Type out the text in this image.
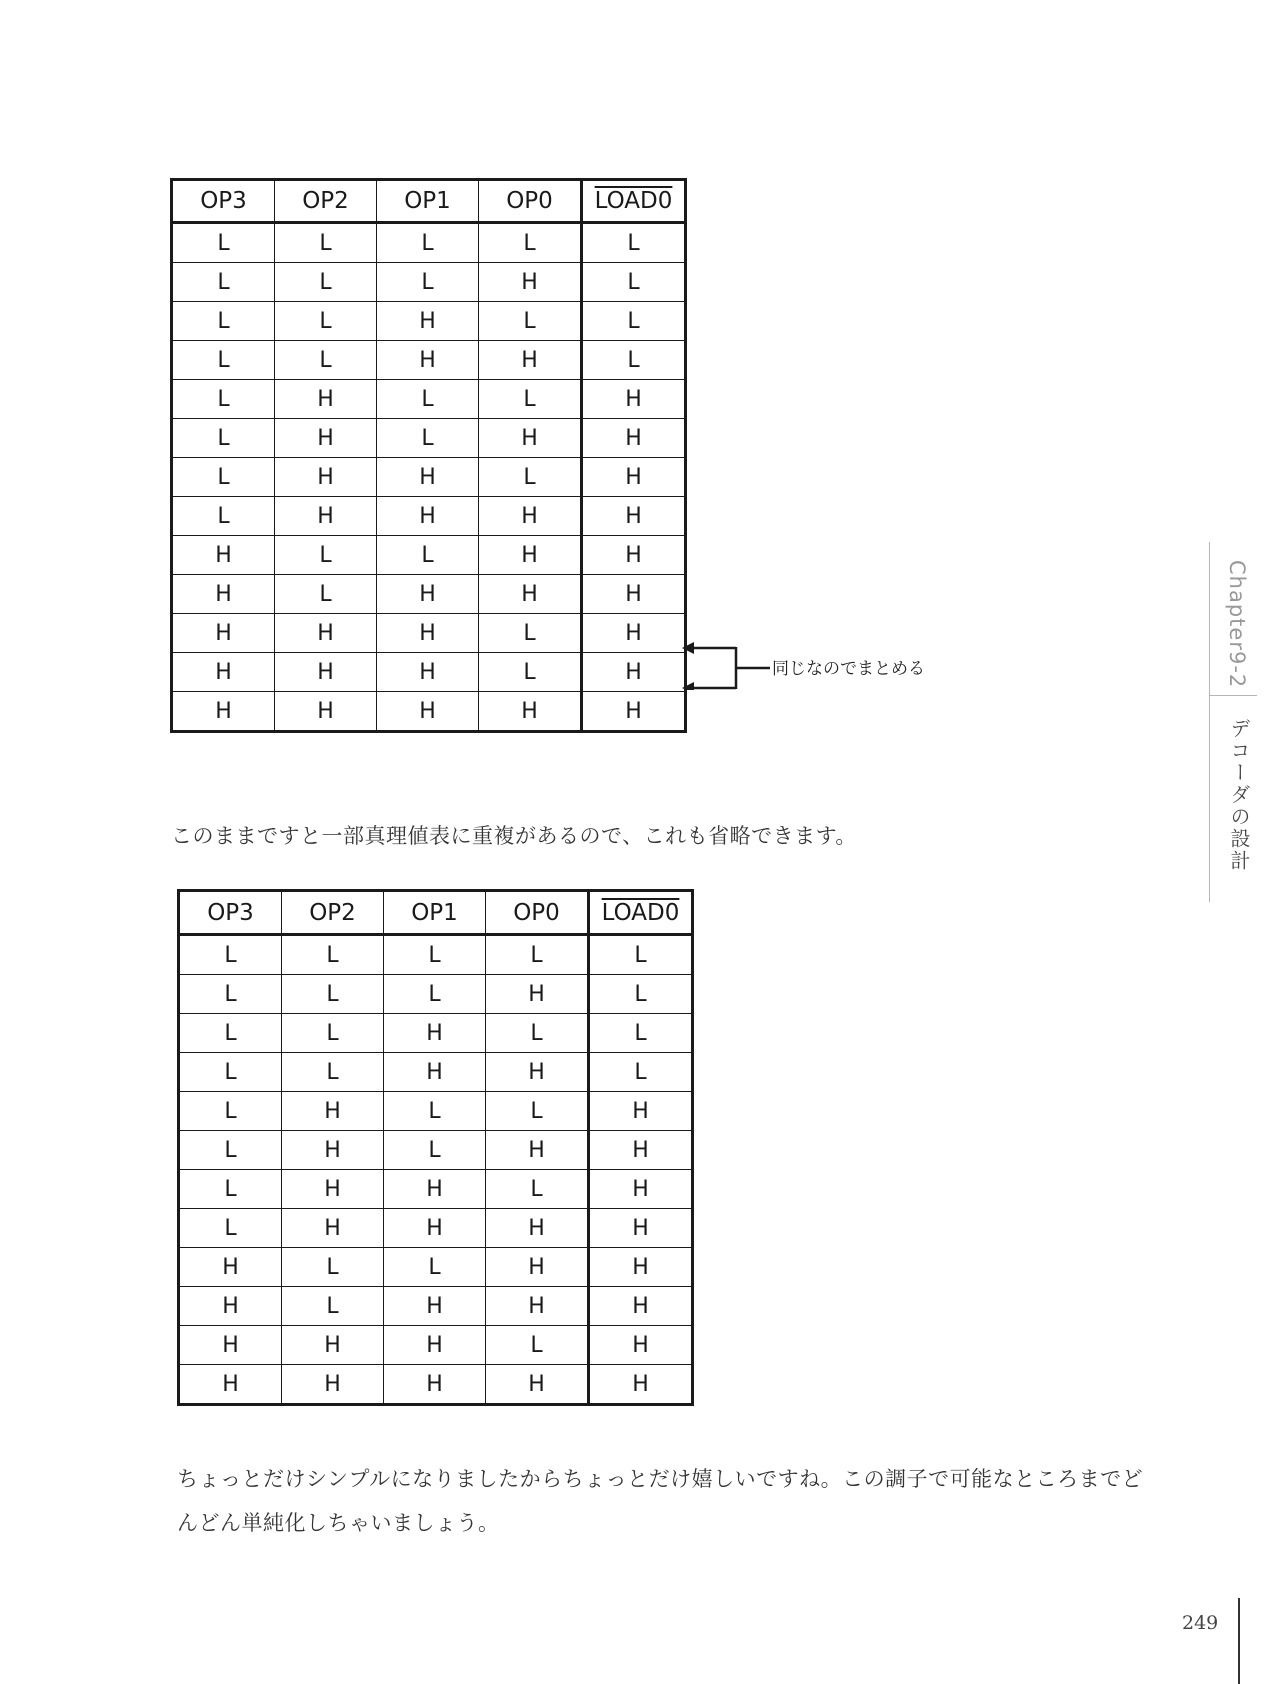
OP3	OP2	OP1	OP0	LOAD0
L	L	L	L	L
L	L	L	H	L
L	L	H	L	L
L	L	H	H	L
L	H	L	L	H
L	H	L	H	H
L	H	H	L	H
L	H	H	H	H
H	L	L	H	H
H	L	H	H	H
H	H	H	L	H
H	H	H	L	H
H	H	H	H	H
同じなのでまとめる

このままですと一部真理値表に重複があるので、これも省略できます。

OP3	OP2	OP1	OP0	LOAD0
L	L	L	L	L
L	L	L	H	L
L	L	H	L	L
L	L	H	H	L
L	H	L	L	H
L	H	L	H	H
L	H	H	L	H
L	H	H	H	H
H	L	L	H	H
H	L	H	H	H
H	H	H	L	H
H	H	H	H	H

ちょっとだけシンプルになりましたからちょっとだけ嬉しいですね。この調子で可能なところまでどんどん単純化しちゃいましょう。

Chapter9-2
デコーダの設計
249
